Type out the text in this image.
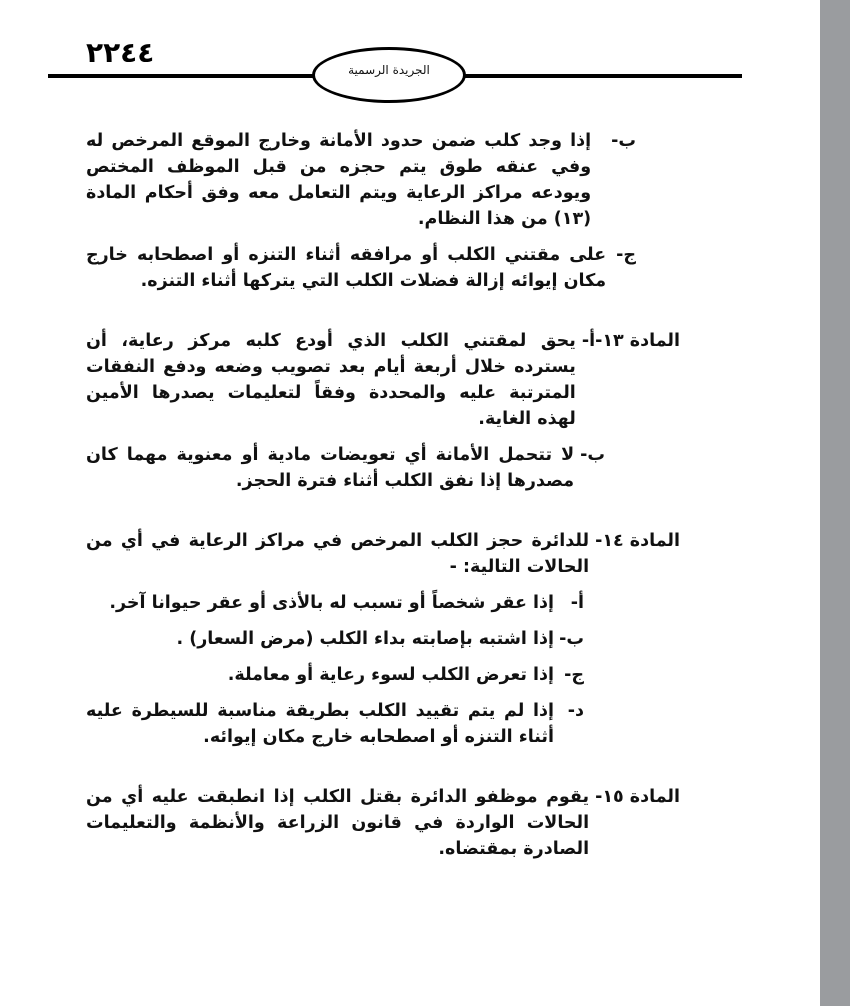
٢٢٤٤
الجريدة الرسمية
ب-
إذا وجد كلب ضمن حدود الأمانة وخارج الموقع المرخص له وفي عنقه طوق يتم حجزه من قبل الموظف المختص ويودعه مراكز الرعاية ويتم التعامل معه وفق أحكام المادة (١٣) من هذا النظام.
ج-
على مقتني الكلب أو مرافقه أثناء التنزه أو اصطحابه خارج مكان إيوائه إزالة فضلات الكلب التي يتركها أثناء التنزه.
المادة ١٣-أ-
يحق لمقتني الكلب الذي أودع كلبه مركز رعاية، أن يسترده خلال أربعة أيام بعد تصويب وضعه ودفع النفقات المترتبة عليه والمحددة وفقاً لتعليمات يصدرها الأمين لهذه الغاية.
ب-
لا تتحمل الأمانة أي تعويضات مادية أو معنوية مهما كان مصدرها إذا نفق الكلب أثناء فترة الحجز.
المادة ١٤-
للدائرة حجز الكلب المرخص في مراكز الرعاية في أي من الحالات التالية: -
أ-
إذا عقر شخصاً أو تسبب له بالأذى أو عقر حيوانا آخر.
ب-
إذا اشتبه بإصابته بداء الكلب (مرض السعار) .
ج-
إذا تعرض الكلب لسوء رعاية أو معاملة.
د-
إذا لم يتم تقييد الكلب بطريقة مناسبة للسيطرة عليه أثناء التنزه أو اصطحابه خارج مكان إيوائه.
المادة ١٥-
يقوم موظفو الدائرة بقتل الكلب إذا انطبقت عليه أي من الحالات الواردة في قانون الزراعة والأنظمة والتعليمات الصادرة بمقتضاه.
